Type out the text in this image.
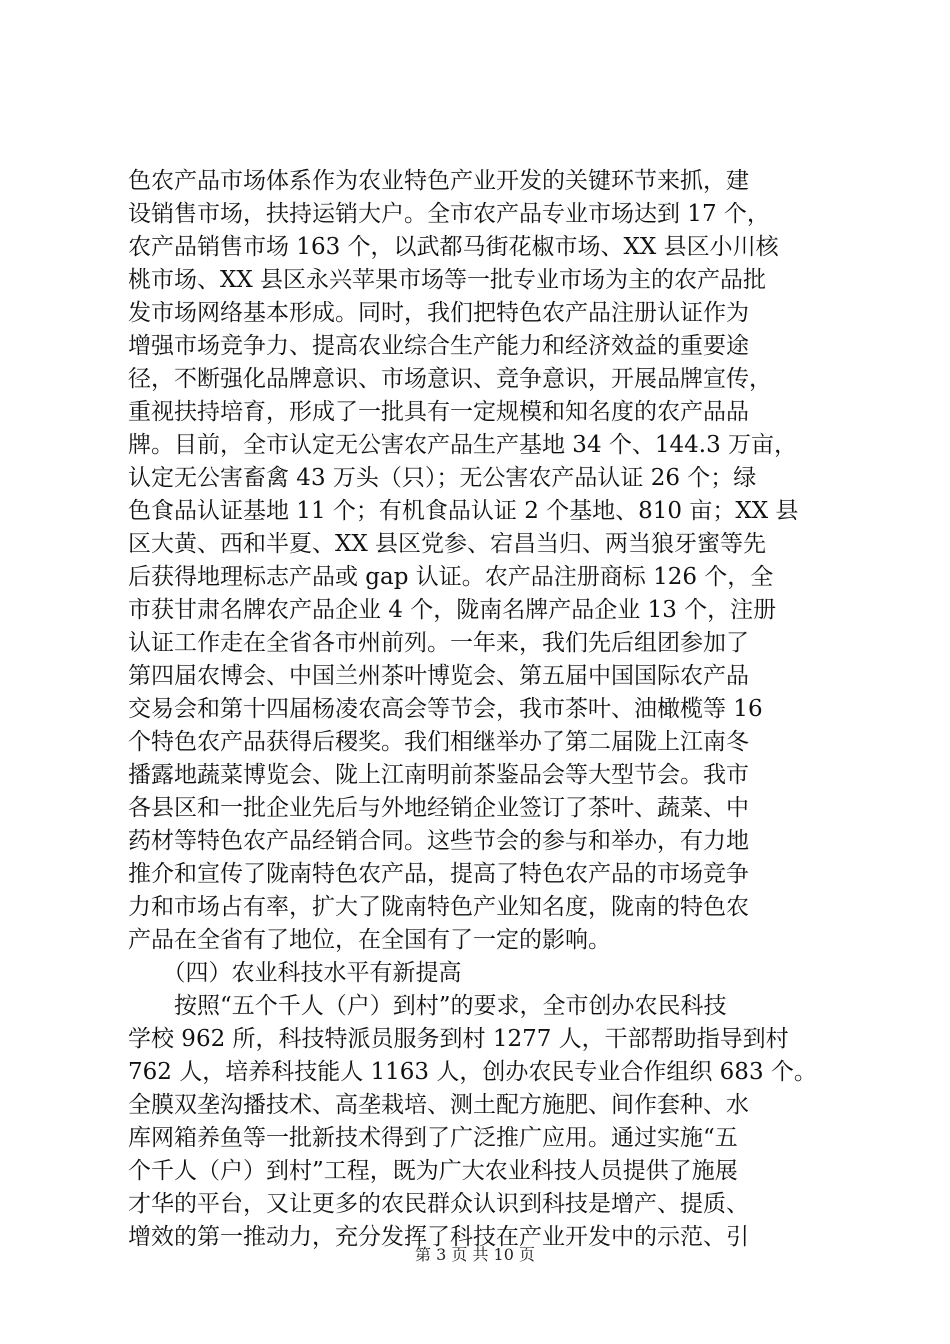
色农产品市场体系作为农业特色产业开发的关键环节来抓，建
设销售市场，扶持运销大户。全市农产品专业市场达到 17 个，
农产品销售市场 163 个，以武都马街花椒市场、XX 县区小川核
桃市场、XX 县区永兴苹果市场等一批专业市场为主的农产品批
发市场网络基本形成。同时，我们把特色农产品注册认证作为
增强市场竞争力、提高农业综合生产能力和经济效益的重要途
径，不断强化品牌意识、市场意识、竞争意识，开展品牌宣传，
重视扶持培育，形成了一批具有一定规模和知名度的农产品品
牌。目前，全市认定无公害农产品生产基地 34 个、144.3 万亩，
认定无公害畜禽 43 万头（只）；无公害农产品认证 26 个；绿
色食品认证基地 11 个；有机食品认证 2 个基地、810 亩；XX 县
区大黄、西和半夏、XX 县区党参、宕昌当归、两当狼牙蜜等先
后获得地理标志产品或 gap 认证。农产品注册商标 126 个，全
市获甘肃名牌农产品企业 4 个，陇南名牌产品企业 13 个，注册
认证工作走在全省各市州前列。一年来，我们先后组团参加了
第四届农博会、中国兰州茶叶博览会、第五届中国国际农产品
交易会和第十四届杨凌农高会等节会，我市茶叶、油橄榄等 16
个特色农产品获得后稷奖。我们相继举办了第二届陇上江南冬
播露地蔬菜博览会、陇上江南明前茶鉴品会等大型节会。我市
各县区和一批企业先后与外地经销企业签订了茶叶、蔬菜、中
药材等特色农产品经销合同。这些节会的参与和举办，有力地
推介和宣传了陇南特色农产品，提高了特色农产品的市场竞争
力和市场占有率，扩大了陇南特色产业知名度，陇南的特色农
产品在全省有了地位，在全国有了一定的影响。
　　（四）农业科技水平有新提高
　　按照“五个千人（户）到村”的要求，全市创办农民科技
学校 962 所，科技特派员服务到村 1277 人，干部帮助指导到村
762 人，培养科技能人 1163 人，创办农民专业合作组织 683 个。
全膜双垄沟播技术、高垄栽培、测土配方施肥、间作套种、水
库网箱养鱼等一批新技术得到了广泛推广应用。通过实施“五
个千人（户）到村”工程，既为广大农业科技人员提供了施展
才华的平台，又让更多的农民群众认识到科技是增产、提质、
增效的第一推动力，充分发挥了科技在产业开发中的示范、引
第 3 页 共 10 页
